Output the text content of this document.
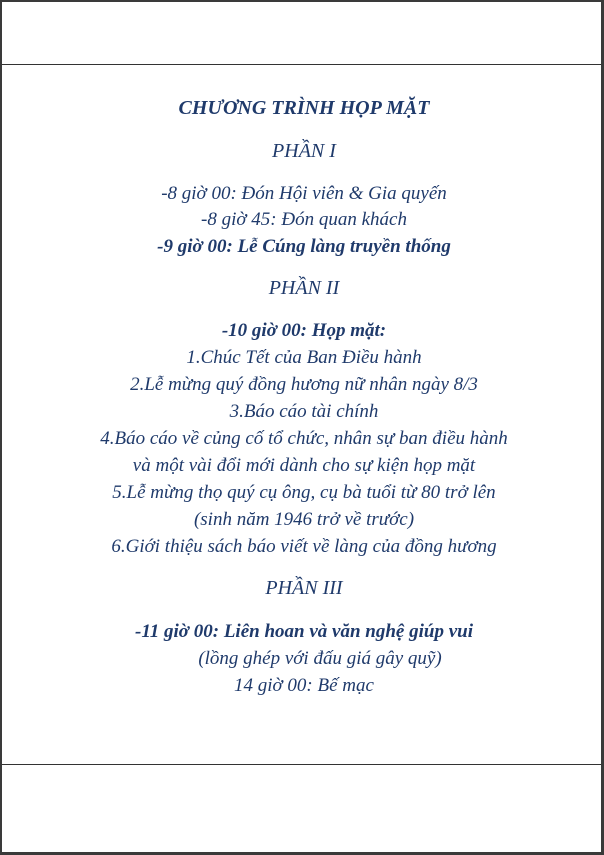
CHƯƠNG TRÌNH HỌP MẶT
PHẦN I
-8 giờ 00: Đón Hội viên & Gia quyến
-8 giờ 45: Đón quan khách
-9 giờ 00: Lễ Cúng làng truyền thống
PHẦN II
-10 giờ 00: Họp mặt:
1.Chúc Tết của Ban Điều hành
2.Lễ mừng quý đồng hương nữ nhân ngày 8/3
3.Báo cáo tài chính
4.Báo cáo về củng cố tổ chức, nhân sự ban điều hành
và một vài đổi mới dành cho sự kiện họp mặt
5.Lễ mừng thọ quý cụ ông, cụ bà tuổi từ 80 trở lên
(sinh năm 1946 trở về trước)
6.Giới thiệu sách báo viết về làng của đồng hương
PHẦN III
-11 giờ 00: Liên hoan và văn nghệ giúp vui
(lồng ghép với đấu giá gây quỹ)
14 giờ 00: Bế mạc
